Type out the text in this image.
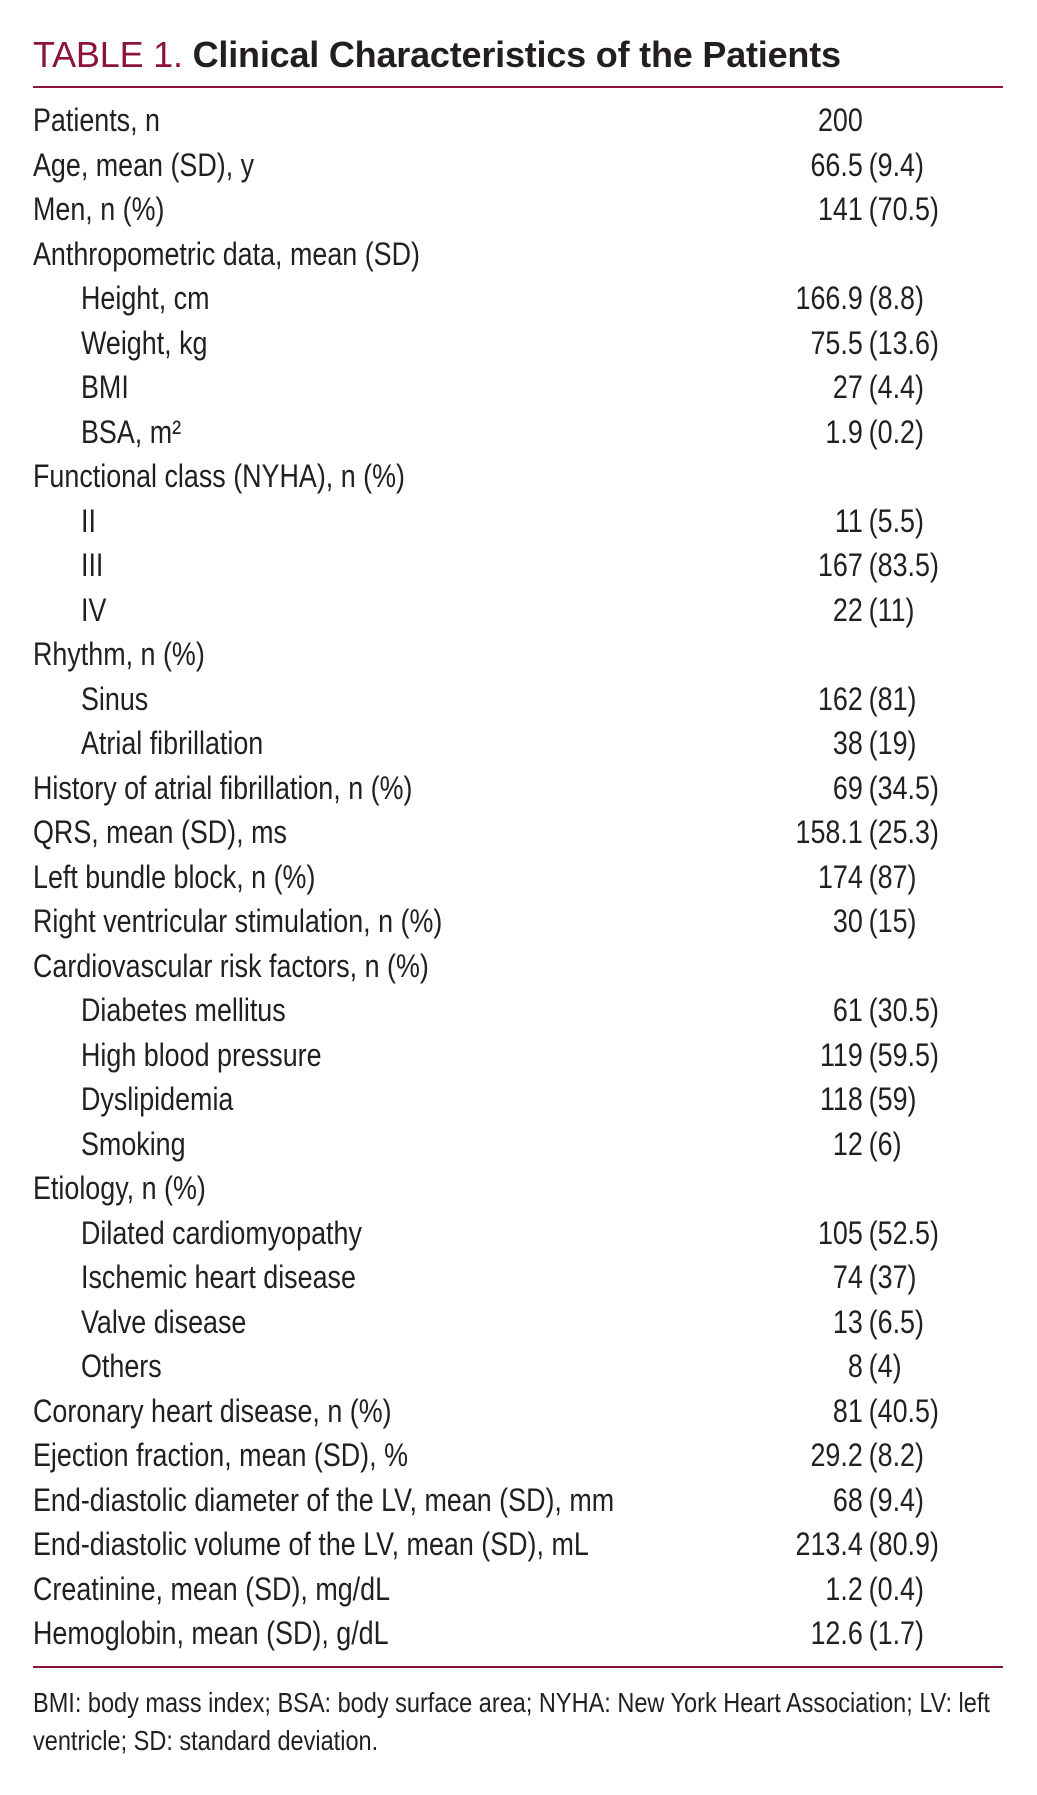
TABLE 1. Clinical Characteristics of the Patients
Patients, n	200
Age, mean (SD), y	66.5 (9.4)
Men, n (%)	141 (70.5)
Anthropometric data, mean (SD)
Height, cm	166.9 (8.8)
Weight, kg	75.5 (13.6)
BMI	27 (4.4)
BSA, m²	1.9 (0.2)
Functional class (NYHA), n (%)
II	11 (5.5)
III	167 (83.5)
IV	22 (11)
Rhythm, n (%)
Sinus	162 (81)
Atrial fibrillation	38 (19)
History of atrial fibrillation, n (%)	69 (34.5)
QRS, mean (SD), ms	158.1 (25.3)
Left bundle block, n (%)	174 (87)
Right ventricular stimulation, n (%)	30 (15)
Cardiovascular risk factors, n (%)
Diabetes mellitus	61 (30.5)
High blood pressure	119 (59.5)
Dyslipidemia	118 (59)
Smoking	12 (6)
Etiology, n (%)
Dilated cardiomyopathy	105 (52.5)
Ischemic heart disease	74 (37)
Valve disease	13 (6.5)
Others	8 (4)
Coronary heart disease, n (%)	81 (40.5)
Ejection fraction, mean (SD), %	29.2 (8.2)
End-diastolic diameter of the LV, mean (SD), mm	68 (9.4)
End-diastolic volume of the LV, mean (SD), mL	213.4 (80.9)
Creatinine, mean (SD), mg/dL	1.2 (0.4)
Hemoglobin, mean (SD), g/dL	12.6 (1.7)
BMI: body mass index; BSA: body surface area; NYHA: New York Heart Association; LV: left ventricle; SD: standard deviation.
